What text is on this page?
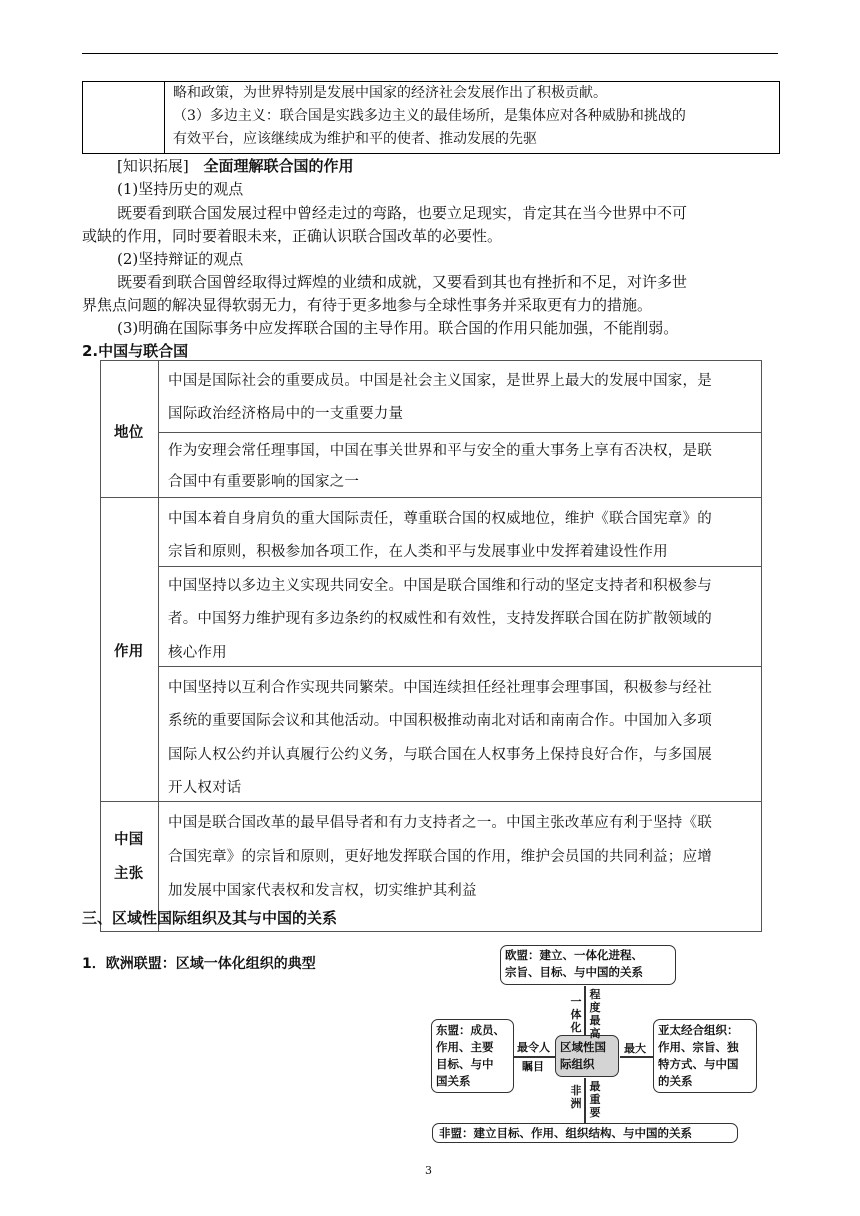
略和政策，为世界特别是发展中国家的经济社会发展作出了积极贡献。
（3）多边主义：联合国是实践多边主义的最佳场所，是集体应对各种威胁和挑战的
有效平台，应该继续成为维护和平的使者、推动发展的先驱
[知识拓展] 全面理解联合国的作用
(1)坚持历史的观点
既要看到联合国发展过程中曾经走过的弯路，也要立足现实，肯定其在当今世界中不可
或缺的作用，同时要着眼未来，正确认识联合国改革的必要性。
(2)坚持辩证的观点
既要看到联合国曾经取得过辉煌的业绩和成就，又要看到其也有挫折和不足，对许多世
界焦点问题的解决显得软弱无力，有待于更多地参与全球性事务并采取更有力的措施。
(3)明确在国际事务中应发挥联合国的主导作用。联合国的作用只能加强，不能削弱。
2.中国与联合国
地位
作用
中国
主张
中国是国际社会的重要成员。中国是社会主义国家，是世界上最大的发展中国家，是
国际政治经济格局中的一支重要力量
作为安理会常任理事国，中国在事关世界和平与安全的重大事务上享有否决权，是联
合国中有重要影响的国家之一
中国本着自身肩负的重大国际责任，尊重联合国的权威地位，维护《联合国宪章》的
宗旨和原则，积极参加各项工作，在人类和平与发展事业中发挥着建设性作用
中国坚持以多边主义实现共同安全。中国是联合国维和行动的坚定支持者和积极参与
者。中国努力维护现有多边条约的权威性和有效性，支持发挥联合国在防扩散领域的
核心作用
中国坚持以互利合作实现共同繁荣。中国连续担任经社理事会理事国，积极参与经社
系统的重要国际会议和其他活动。中国积极推动南北对话和南南合作。中国加入多项
国际人权公约并认真履行公约义务，与联合国在人权事务上保持良好合作，与多国展
开人权对话
中国是联合国改革的最早倡导者和有力支持者之一。中国主张改革应有利于坚持《联
合国宪章》的宗旨和原则，更好地发挥联合国的作用，维护会员国的共同利益；应增
加发展中国家代表权和发言权，切实维护其利益
三、区域性国际组织及其与中国的关系
1．欧洲联盟：区域一体化组织的典型
欧盟：建立、一体化进程、
宗旨、目标、与中国的关系
东盟：成员、
作用、主要
目标、与中
国关系
亚太经合组织：
作用、宗旨、独
特方式、与中国
的关系
区域性国
际组织
非盟：建立目标、作用、组织结构、与中国的关系
一体化
程度最高
最令人
瞩目
最大
非洲
最重要
3
